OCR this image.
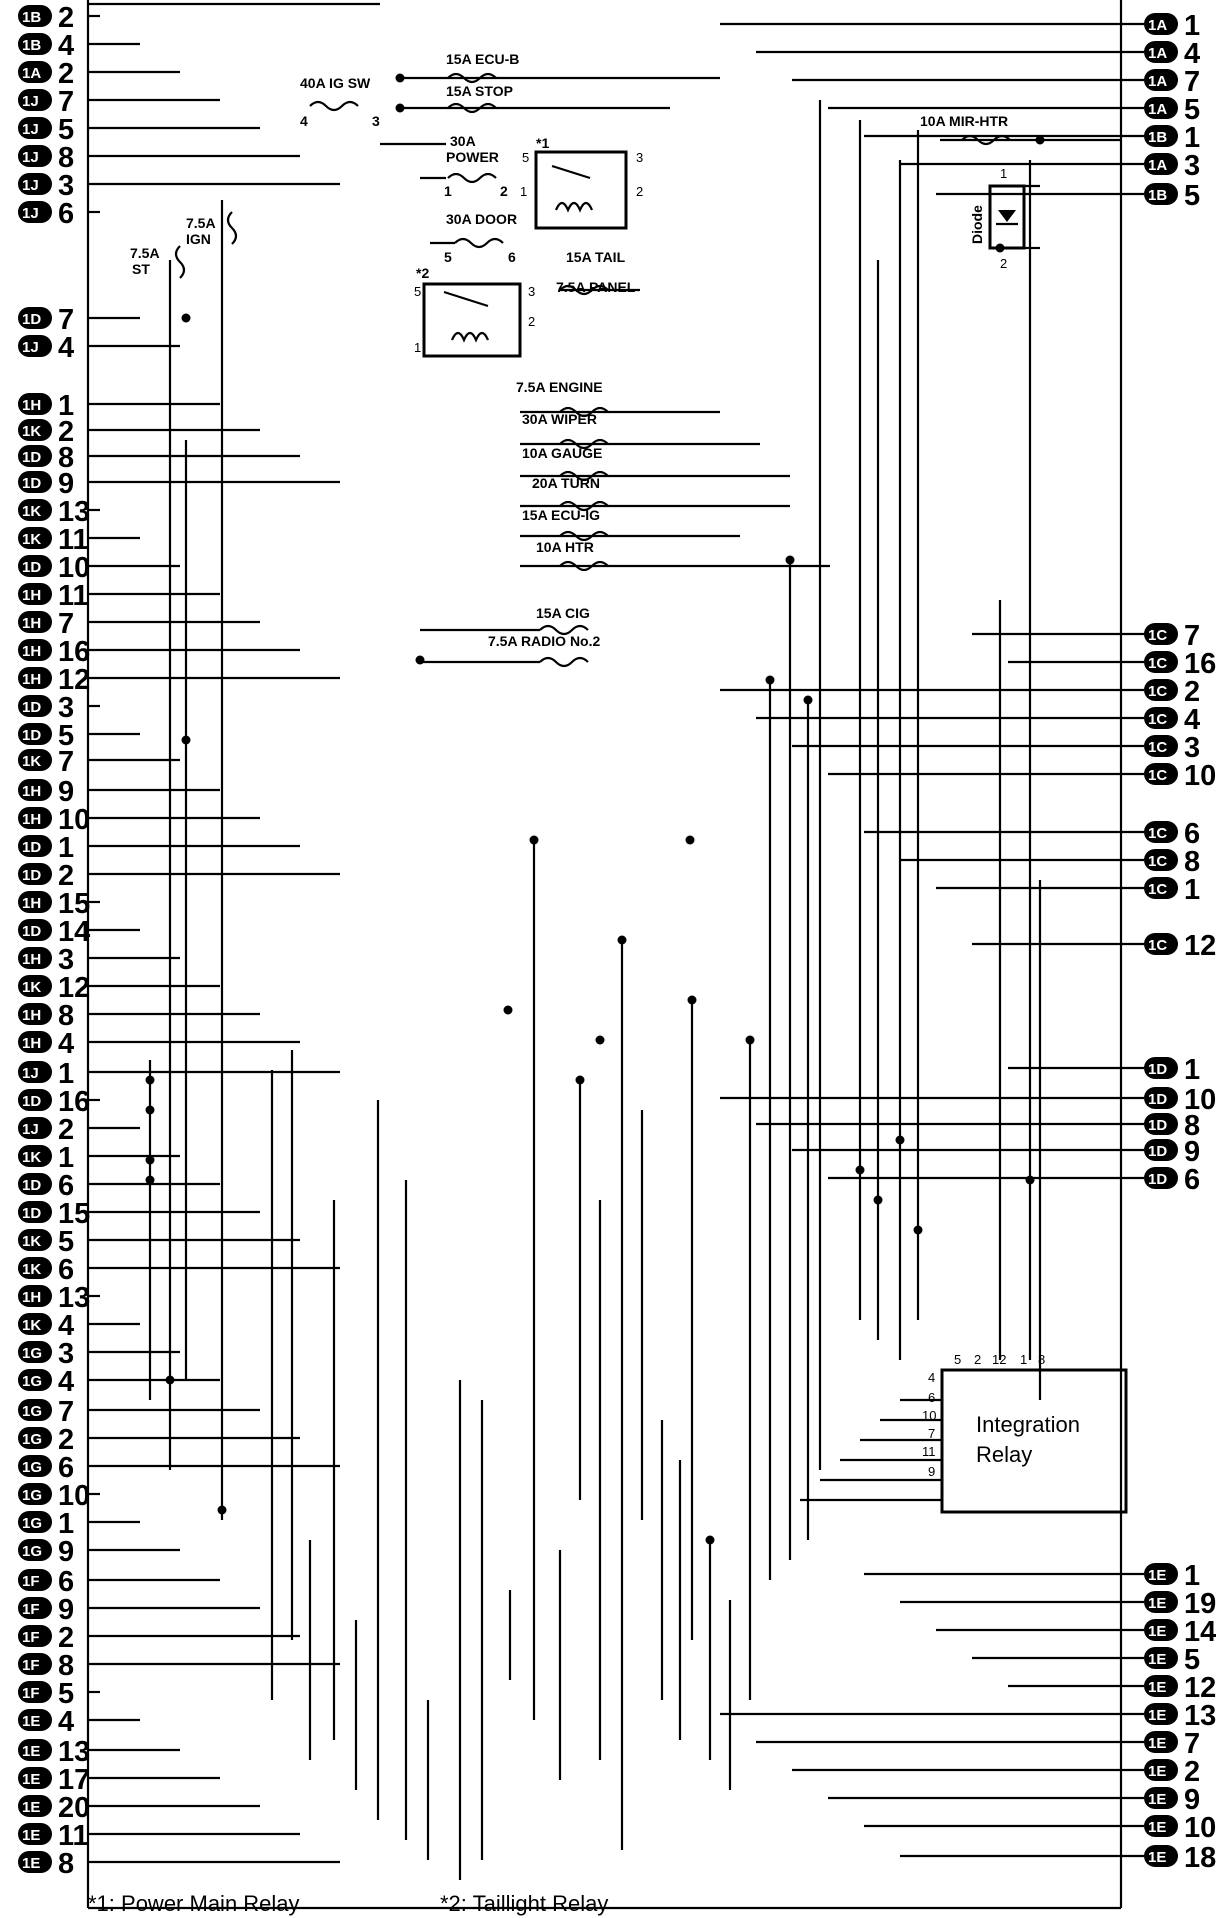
1B 2
1B 4
1A 2
1J 7
1J 5
1J 8
1J 3
1J 6
1D 7
1J 4
1H 1
1K 2
1D 8
1D 9
1K 13
1K 11
1D 10
1H 11
1H 7
1H 16
1H 12
1D 3
1D 5
1K 7
1H 9
1H 10
1D 1
1D 2
1H 15
1D 14
1H 3
1K 12
1H 8
1H 4
1J 1
1D 16
1J 2
1K 1
1D 6
1D 15
1K 5
1K 6
1H 13
1K 4
1G 3
1G 4
1G 7
1G 2
1G 6
1G 10
1G 1
1G 9
1F 6
1F 9
1F 2
1F 8
1F 5
1E 4
1E 13
1E 17
1E 20
1E 11
1E 8
1A 1
1A 4
1A 7
1A 5
1B 1
1A 3
1B 5
1C 7
1C 16
1C 2
1C 4
1C 3
1C 10
1C 6
1C 8
1C 1
1C 12
1D 1
1D 10
1D 8
1D 9
1D 6
1E 1
1E 19
1E 14
1E 5
1E 12
1E 13
1E 7
1E 2
1E 9
1E 10
1E 18
40A IG SW
4	3
15A ECU-B
15A STOP
30A
POWER
1	2
30A DOOR
5	6
7.5A
IGN
7.5A
ST
15A TAIL
7.5A PANEL
7.5A ENGINE
30A WIPER
10A GAUGE
20A TURN
15A ECU-IG
10A HTR
15A CIG
7.5A RADIO No.2
10A MIR-HTR
*1
5	3
1	2
*2
5	3
1
2
Diode
1
2
Integration
Relay
5 2 12 1 8
4
6
10
7
11
9
*1: Power Main Relay	*2: Taillight Relay
